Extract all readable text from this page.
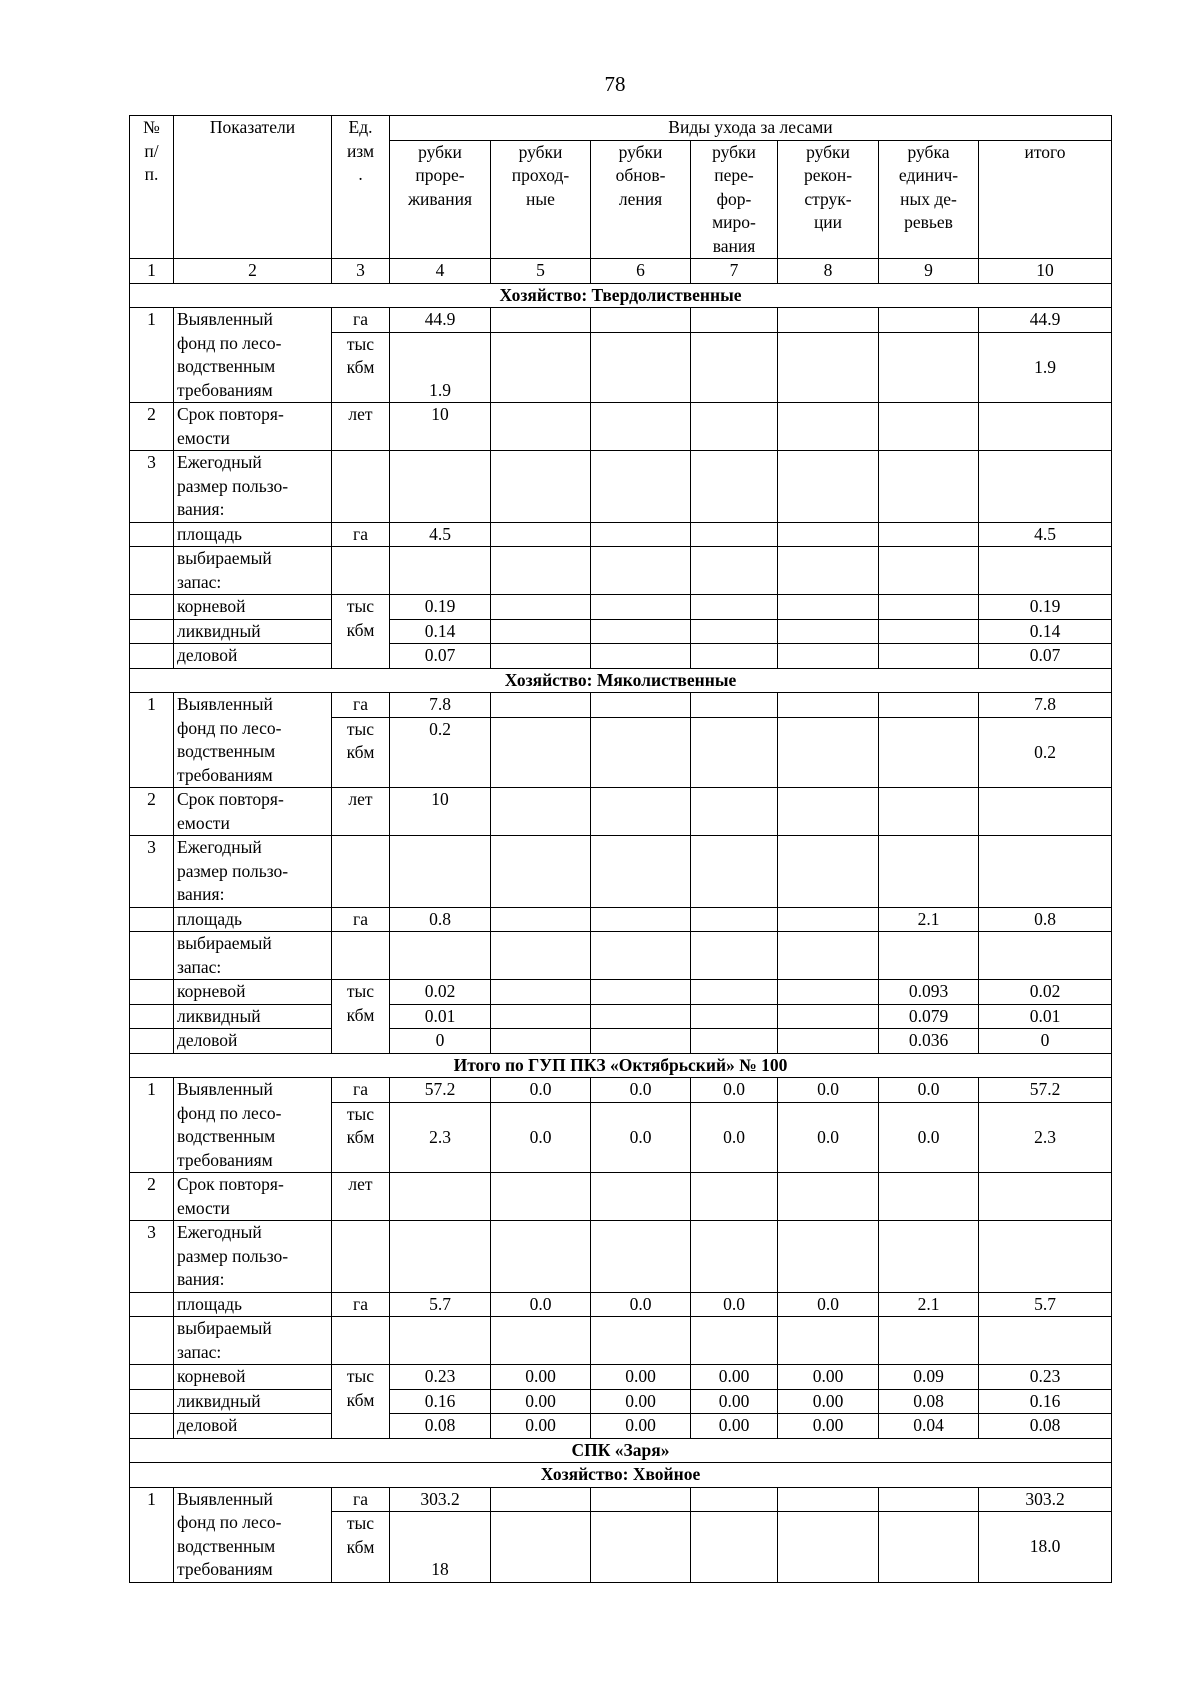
78
№
п/
п.	Показатели	Ед.
изм
.	Виды ухода за лесами						
			рубки
проре-
живания	рубки
проход-
ные	рубки
обнов-
ления	рубки
пере-
фор-
миро-
вания	рубки
рекон-
струк-
ции	рубка
единич-
ных де-
ревьев	итого
1	2	3	4	5	6	7	8	9	10
Хозяйство: Твердолиственные									
1	Выявленный
фонд по лесо-
водственным
требованиям	га	44.9						44.9
		тыс
кбм	1.9						1.9
2	Срок повторя-
емости	лет	10						
3	Ежегодный
размер пользо-
вания:								
	площадь	га	4.5						4.5
	выбираемый
запас:								
	корневой	тыс
кбм	0.19						0.19
	ликвидный		0.14						0.14
	деловой		0.07						0.07
Хозяйство: Мяколиственные									
1	Выявленный
фонд по лесо-
водственным
требованиям	га	7.8						7.8
		тыс
кбм	0.2						0.2
2	Срок повторя-
емости	лет	10						
3	Ежегодный
размер пользо-
вания:								
	площадь	га	0.8					2.1	0.8
	выбираемый
запас:								
	корневой	тыс
кбм	0.02					0.093	0.02
	ликвидный		0.01					0.079	0.01
	деловой		0					0.036	0
Итого по ГУП ПКЗ «Октябрьский» № 100									
1	Выявленный
фонд по лесо-
водственным
требованиям	га	57.2	0.0	0.0	0.0	0.0	0.0	57.2
		тыс
кбм	2.3	0.0	0.0	0.0	0.0	0.0	2.3
2	Срок повторя-
емости	лет							
3	Ежегодный
размер пользо-
вания:								
	площадь	га	5.7	0.0	0.0	0.0	0.0	2.1	5.7
	выбираемый
запас:								
	корневой	тыс
кбм	0.23	0.00	0.00	0.00	0.00	0.09	0.23
	ликвидный		0.16	0.00	0.00	0.00	0.00	0.08	0.16
	деловой		0.08	0.00	0.00	0.00	0.00	0.04	0.08
СПК «Заря»									
Хозяйство: Хвойное									
1	Выявленный
фонд по лесо-
водственным
требованиям	га	303.2						303.2
		тыс
кбм	18						18.0
